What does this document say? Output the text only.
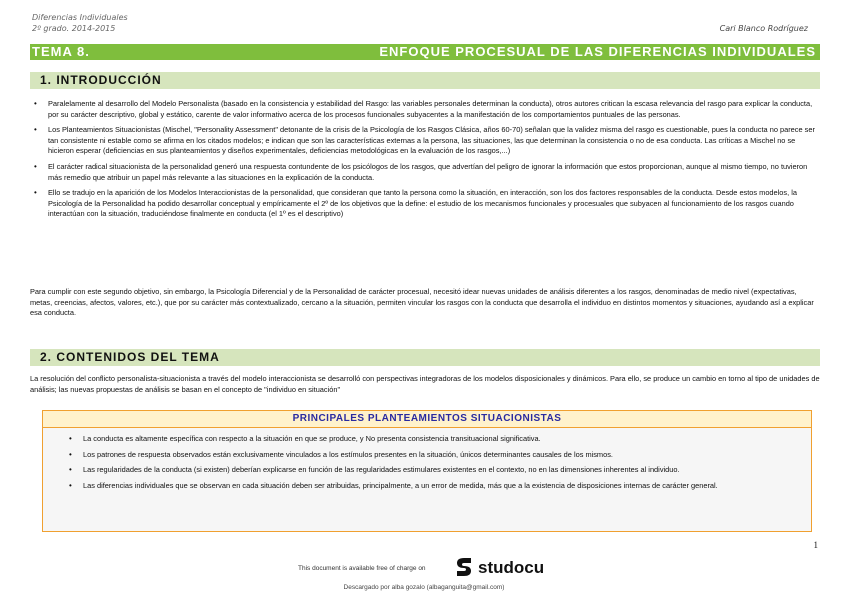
Diferencias Individuales
2º grado. 2014-2015	Cari Blanco Rodríguez
TEMA 8.	ENFOQUE PROCESUAL DE LAS DIFERENCIAS INDIVIDUALES
1. INTRODUCCIÓN
• Paralelamente al desarrollo del Modelo Personalista (basado en la consistencia y estabilidad del Rasgo: las variables personales determinan la conducta), otros autores critican la escasa relevancia del rasgo para explicar la conducta, por su carácter descriptivo, global y estático, carente de valor informativo acerca de los procesos funcionales subyacentes a la manifestación de los comportamientos puntuales de las personas.
• Los Planteamientos Situacionistas (Mischel, "Personality Assessment" detonante de la crisis de la Psicología de los Rasgos Clásica, años 60-70) señalan que la validez misma del rasgo es cuestionable, pues la conducta no parece ser tan consistente ni estable como se afirma en los citados modelos; e indican que son las características externas a la persona, las situaciones, las que determinan la consistencia o no de esa conducta. Las críticas a Mischel no se hicieron esperar (deficiencias en sus planteamientos y diseños experimentales, deficiencias metodológicas en la evaluación de los rasgos,...)
• El carácter radical situacionista de la personalidad generó una respuesta contundente de los psicólogos de los rasgos, que advertían del peligro de ignorar la información que estos proporcionan, aunque al mismo tiempo, no tuvieron más remedio que atribuir un papel más relevante a las situaciones en la explicación de la conducta.
• Ello se tradujo en la aparición de los Modelos Interaccionistas de la personalidad, que consideran que tanto la persona como la situación, en interacción, son los dos factores responsables de la conducta. Desde estos modelos, la Psicología de la Personalidad ha podido desarrollar conceptual y empíricamente el 2º de los objetivos que la define: el estudio de los mecanismos funcionales y procesuales que subyacen al funcionamiento de los rasgos cuando interactúan con la situación, traduciéndose finalmente en conducta (el 1º es el descriptivo)
Para cumplir con este segundo objetivo, sin embargo, la Psicología Diferencial y de la Personalidad de carácter procesual, necesitó idear nuevas unidades de análisis diferentes a los rasgos, denominadas de medio nivel (expectativas, metas, creencias, afectos, valores, etc.), que por su carácter más contextualizado, cercano a la situación, permiten vincular los rasgos con la conducta que desarrolla el individuo en distintos momentos y situaciones, ayudando así a explicar esa conducta.
2. CONTENIDOS DEL TEMA
La resolución del conflicto personalista-situacionista a través del modelo interaccionista se desarrolló con perspectivas integradoras de los modelos disposicionales y dinámicos. Para ello, se produce un cambio en torno al tipo de unidades de análisis; las nuevas propuestas de análisis se basan en el concepto de "individuo en situación"
PRINCIPALES PLANTEAMIENTOS SITUACIONISTAS
• La conducta es altamente específica con respecto a la situación en que se produce, y No presenta consistencia transituacional significativa.
• Los patrones de respuesta observados están exclusivamente vinculados a los estímulos presentes en la situación, únicos determinantes causales de los mismos.
• Las regularidades de la conducta (si existen) deberían explicarse en función de las regularidades estimulares existentes en el contexto, no en las dimensiones inherentes al individuo.
• Las diferencias individuales que se observan en cada situación deben ser atribuidas, principalmente, a un error de medida, más que a la existencia de disposiciones internas de carácter general.
1
This document is available free of charge on	studocu
Descargado por alba gozalo (albaganguita@gmail.com)
